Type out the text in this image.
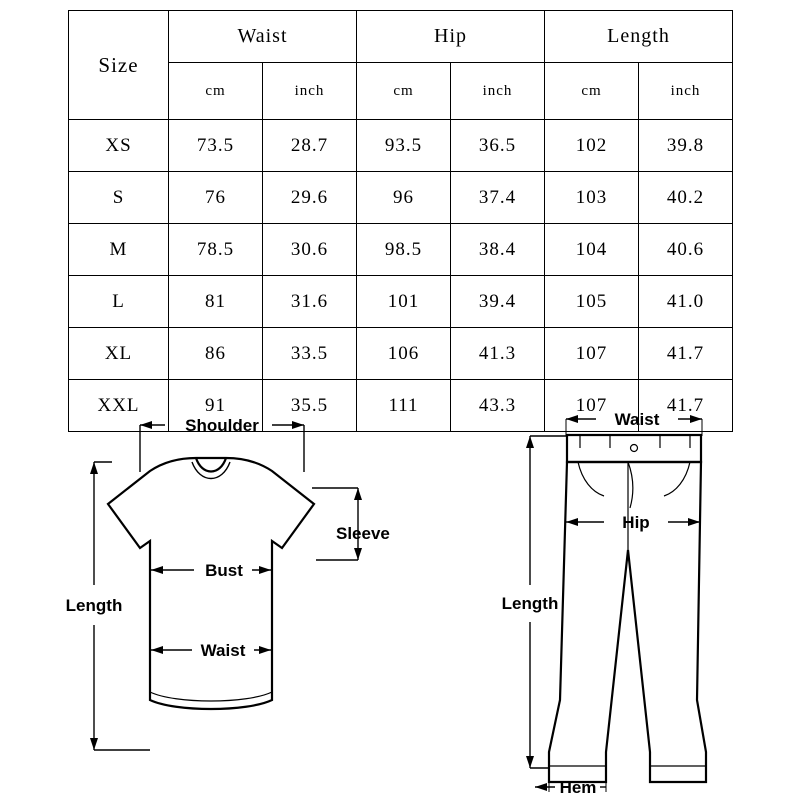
Size	Waist		Hip		Length	
	cm	inch	cm	inch	cm	inch
XS	73.5	28.7	93.5	36.5	102	39.8
S	76	29.6	96	37.4	103	40.2
M	78.5	30.6	98.5	38.4	104	40.6
L	81	31.6	101	39.4	105	41.0
XL	86	33.5	106	41.3	107	41.7
XXL	91	35.5	111	43.3	107	41.7
Shoulder
Sleeve
Bust
Waist
Length
Waist
Hip
Length
Hem
